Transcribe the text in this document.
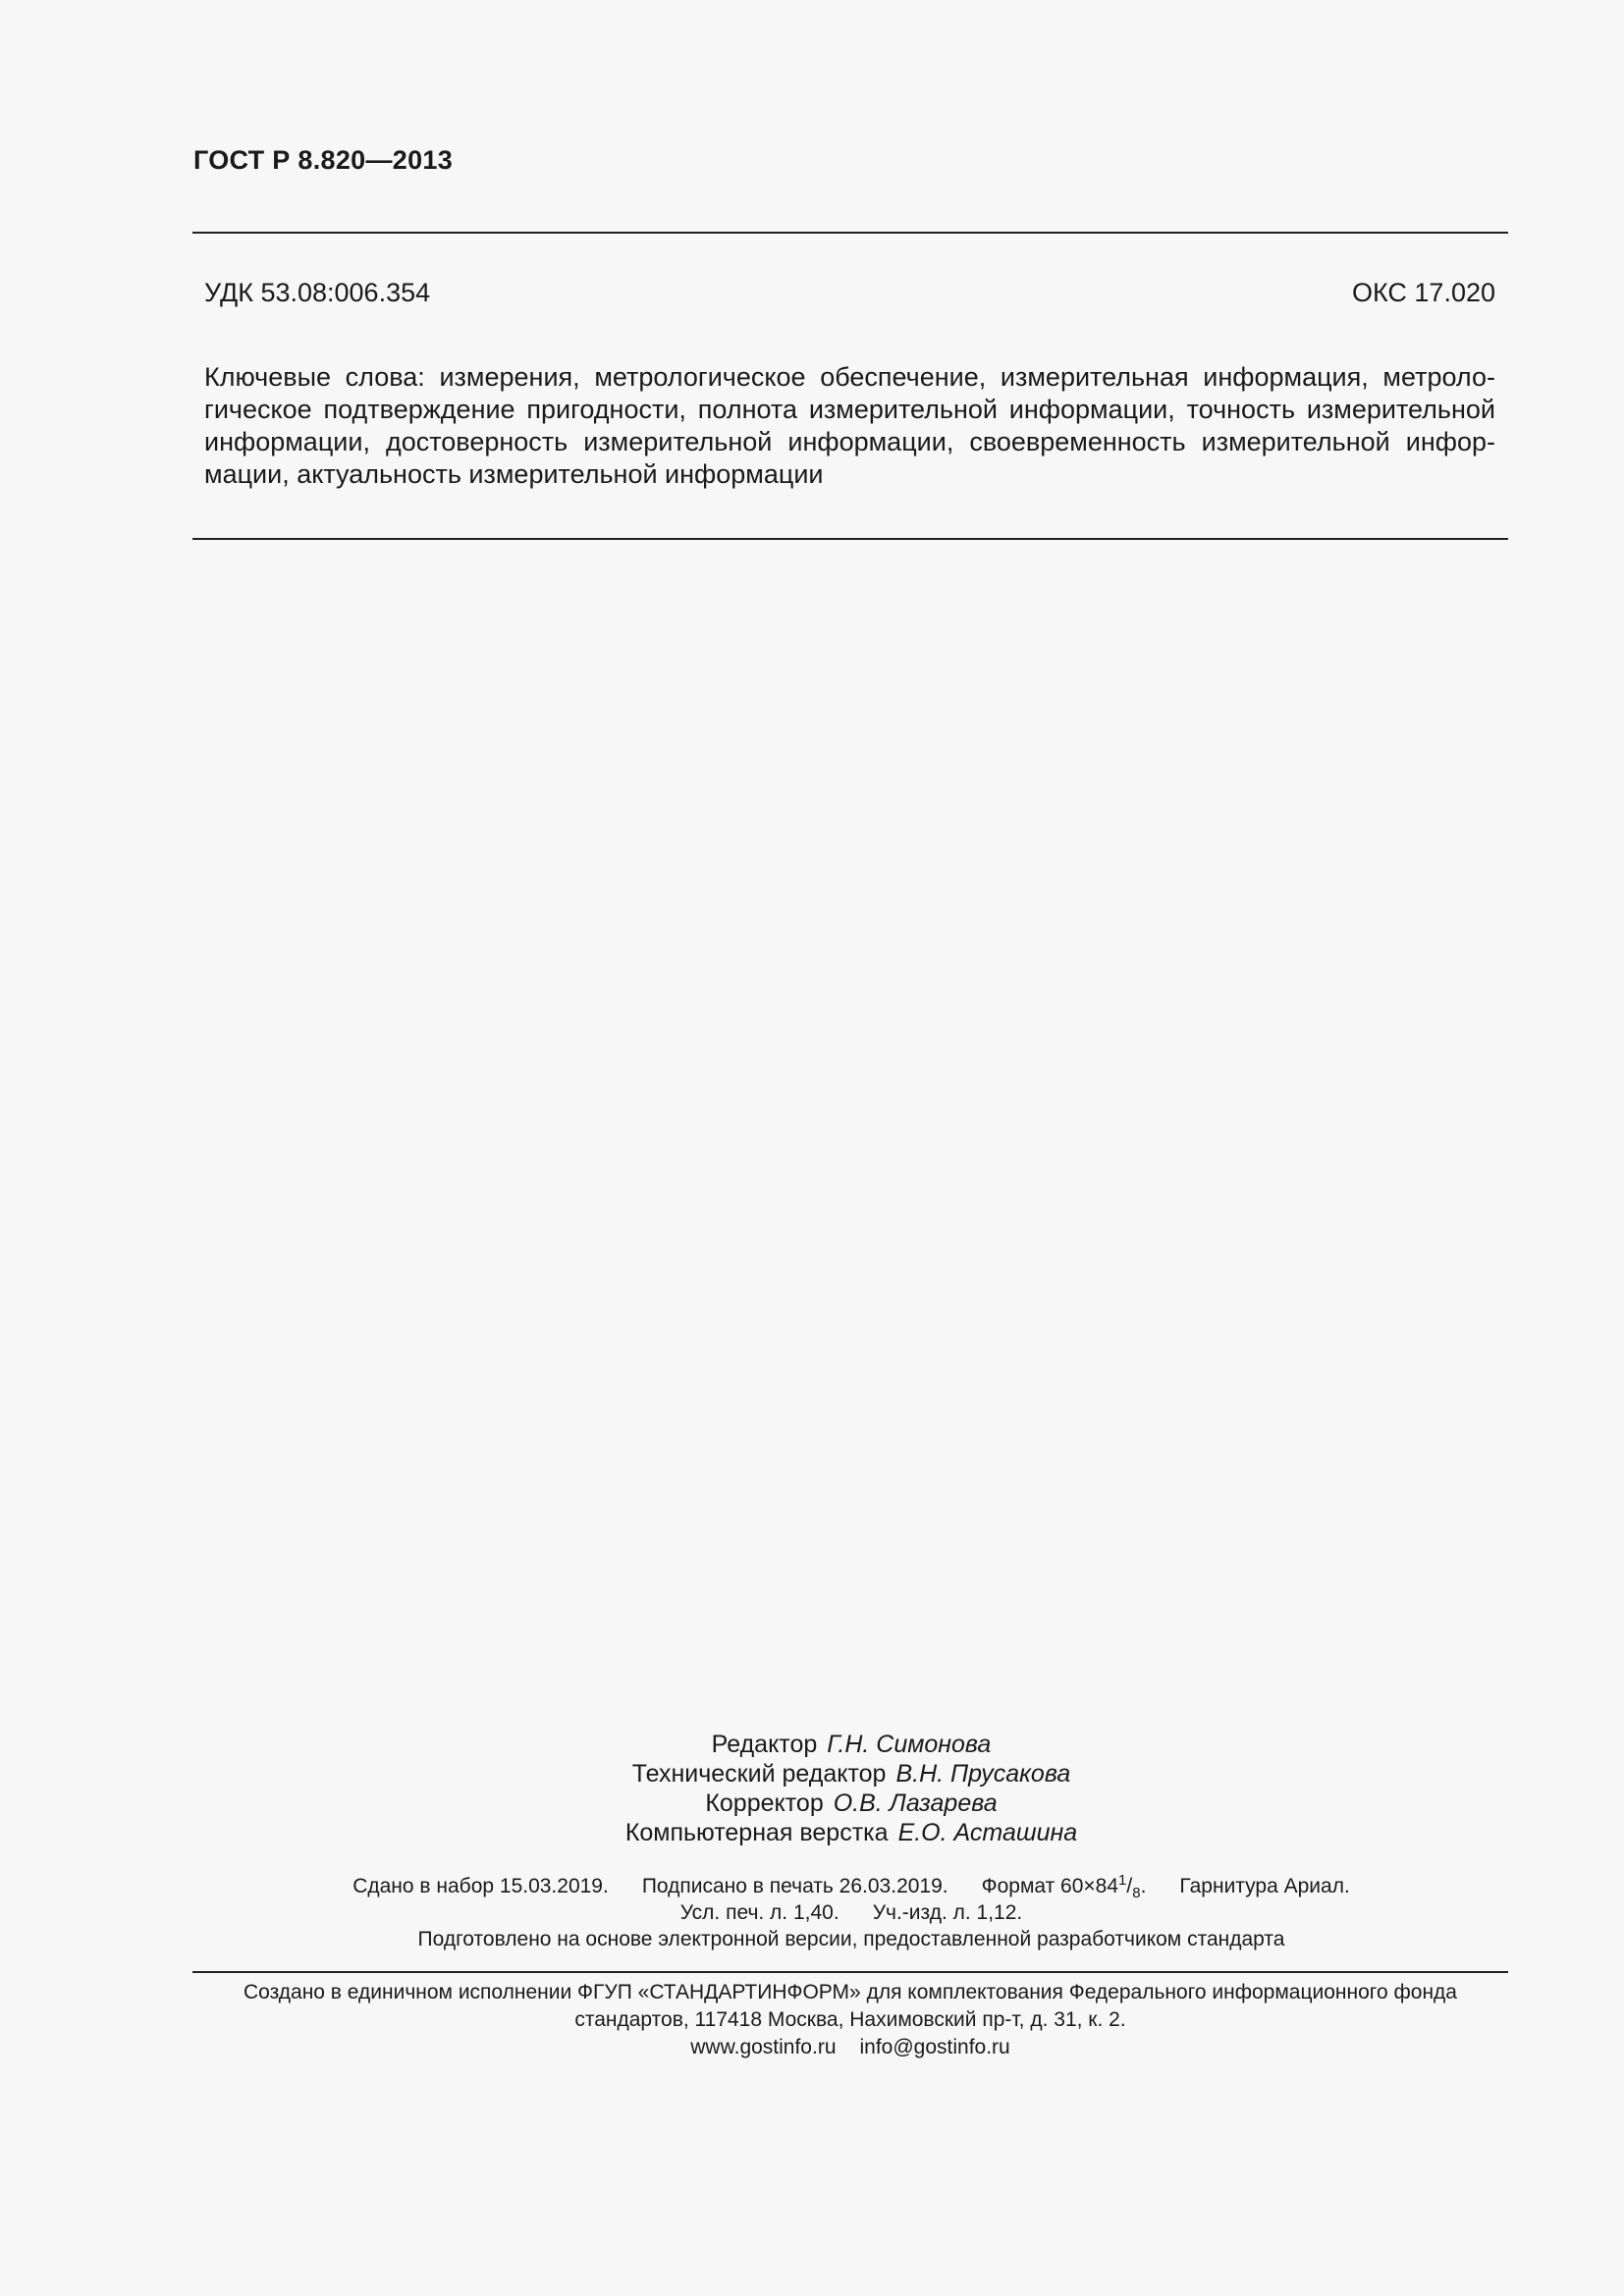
ГОСТ Р 8.820—2013
УДК 53.08:006.354	ОКС 17.020
Ключевые слова: измерения, метрологическое обеспечение, измерительная информация, метрологическое подтверждение пригодности, полнота измерительной информации, точность измерительной информации, достоверность измерительной информации, своевременность измерительной информации, актуальность измерительной информации
Редактор Г.Н. Симонова
Технический редактор В.Н. Прусакова
Корректор О.В. Лазарева
Компьютерная верстка Е.О. Асташина
Сдано в набор 15.03.2019. Подписано в печать 26.03.2019. Формат $60\times 84^1/_8$. Гарнитура Ариал.
Усл. печ. л. 1,40. Уч.-изд. л. 1,12.
Подготовлено на основе электронной версии, предоставленной разработчиком стандарта
Создано в единичном исполнении ФГУП «СТАНДАРТИНФОРМ» для комплектования Федерального информационного фонда
стандартов, 117418 Москва, Нахимовский пр-т, д. 31, к. 2.
www.gostinfo.ru info@gostinfo.ru
